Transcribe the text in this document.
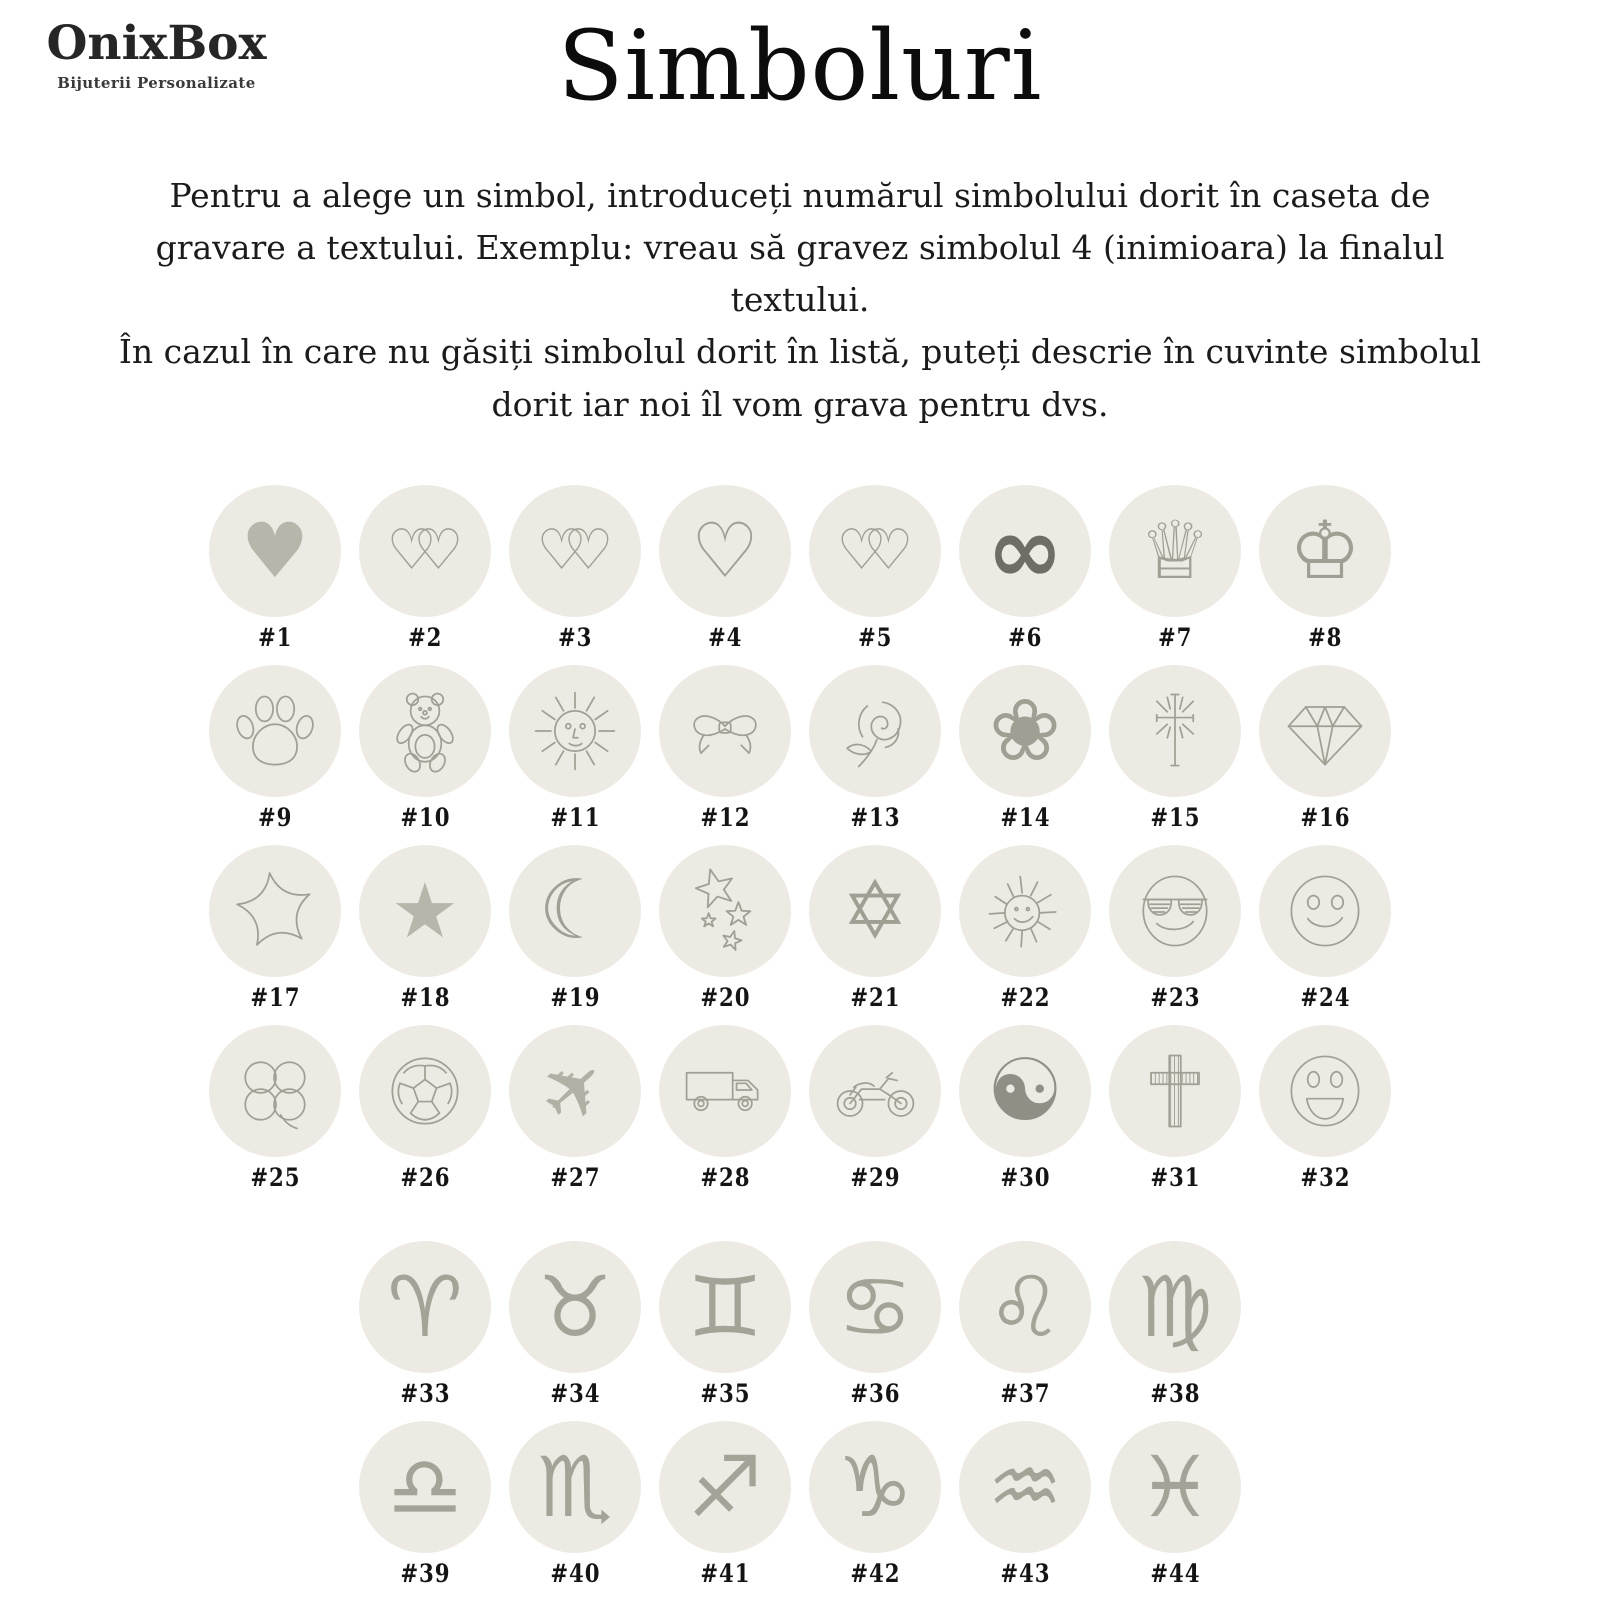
OnixBox
Bijuterii Personalizate	Simboluri

Pentru a alege un simbol, introduceți numărul simbolului dorit în caseta de gravare a textului. Exemplu: vreau să gravez simbolul 4 (inimioara) la finalul textului.

În cazul în care nu găsiți simbolul dorit în listă, puteți descrie în cuvinte simbolul dorit iar noi îl vom grava pentru dvs.

♥
#1
♡♡
#2
♡♡
#3
♡
#4
♡♡
#5
∞
#6
♕
#7
♔
#8
#9	#10	#11	#12	#13
❀
#14	#15	#16
#17
★
#18
☾
#19	#20
✡
#21	#22	#23	#24
#25	#26
✈
#27	#28	#29
☯
#30	#31	#32
♈
#33
♉
#34
♊
#35
♋
#36
♌
#37
♍
#38
♎
#39
♏
#40
♐
#41
♑
#42
♒
#43
♓
#44
